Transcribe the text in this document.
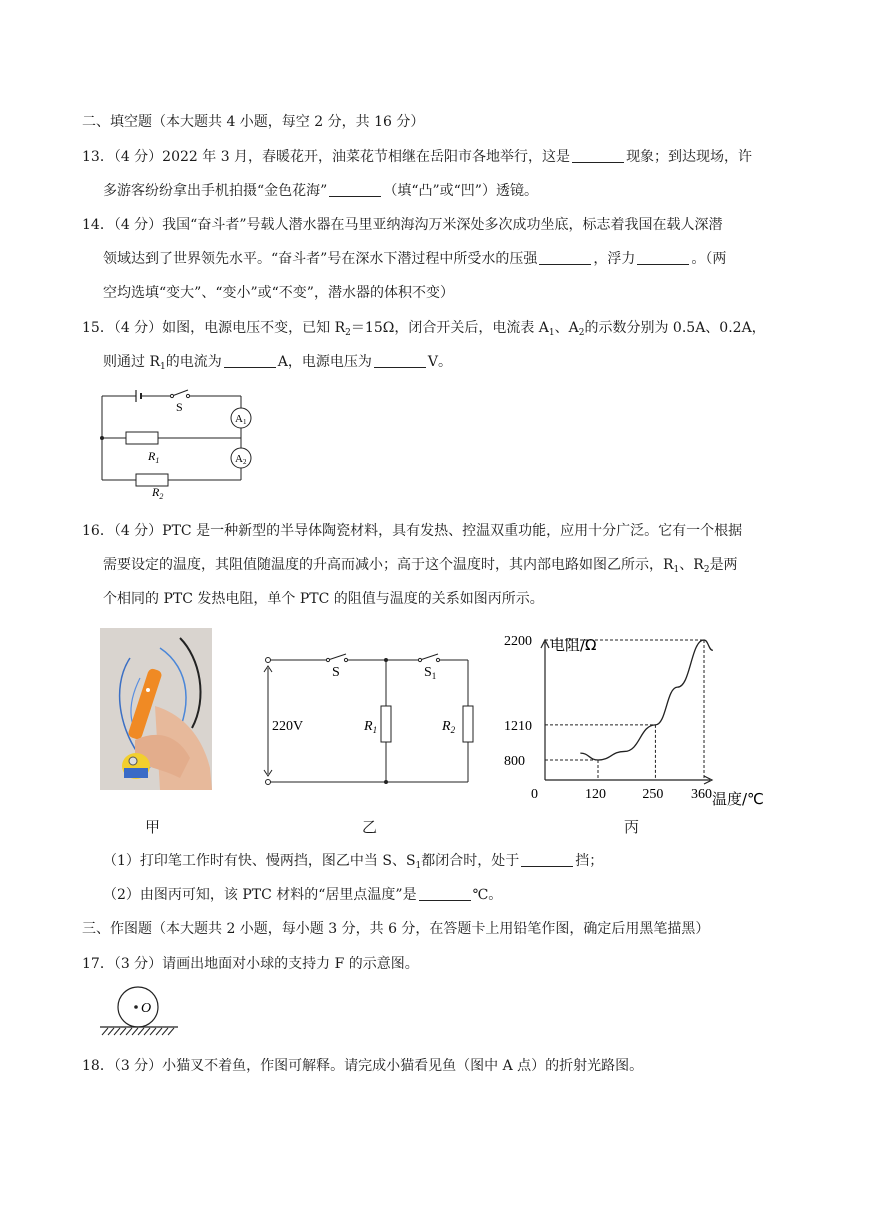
二、填空题（本大题共 4 小题，每空 2 分，共 16 分）
13．（4 分）2022 年 3 月，春暖花开，油菜花节相继在岳阳市各地举行，这是	现象；到达现场，许
多游客纷纷拿出手机拍摄“金色花海”	（填“凸”或“凹”）透镜。
14．（4 分）我国“奋斗者”号载人潜水器在马里亚纳海沟万米深处多次成功坐底，标志着我国在载人深潜
领域达到了世界领先水平。“奋斗者”号在深水下潜过程中所受水的压强	，浮力	。（两
空均选填“变大”、“变小”或“不变”，潜水器的体积不变）
15．（4 分）如图，电源电压不变，已知 $R_2=15\Omega$，闭合开关后，电流表 $A_1$、$A_2$的示数分别为 0.5A、0.2A，
则通过 $R_1$的电流为	A，电源电压为	V。
S
A1
A2
$R_1$
$R_2$
16．（4 分）PTC 是一种新型的半导体陶瓷材料，具有发热、控温双重功能，应用十分广泛。它有一个根据
需要设定的温度，其阻值随温度的升高而减小；高于这个温度时，其内部电路如图乙所示，$R_1$、$R_2$是两
个相同的 PTC 发热电阻，单个 PTC 的阻值与温度的关系如图丙所示。
S	$S_1$
220V	$R_1$	$R_2$
800
1210
2200
0	120	250 360
电阻/Ω
温度/℃
甲	乙	丙
（1）打印笔工作时有快、慢两挡，图乙中当 S、$S_1$都闭合时，处于	挡；
（2）由图丙可知，该 PTC 材料的“居里点温度”是	℃。
三、作图题（本大题共 2 小题，每小题 3 分，共 6 分，在答题卡上用铅笔作图，确定后用黑笔描黑）
17．（3 分）请画出地面对小球的支持力 F 的示意图。
O
18．（3 分）小猫叉不着鱼，作图可解释。请完成小猫看见鱼（图中 A 点）的折射光路图。
